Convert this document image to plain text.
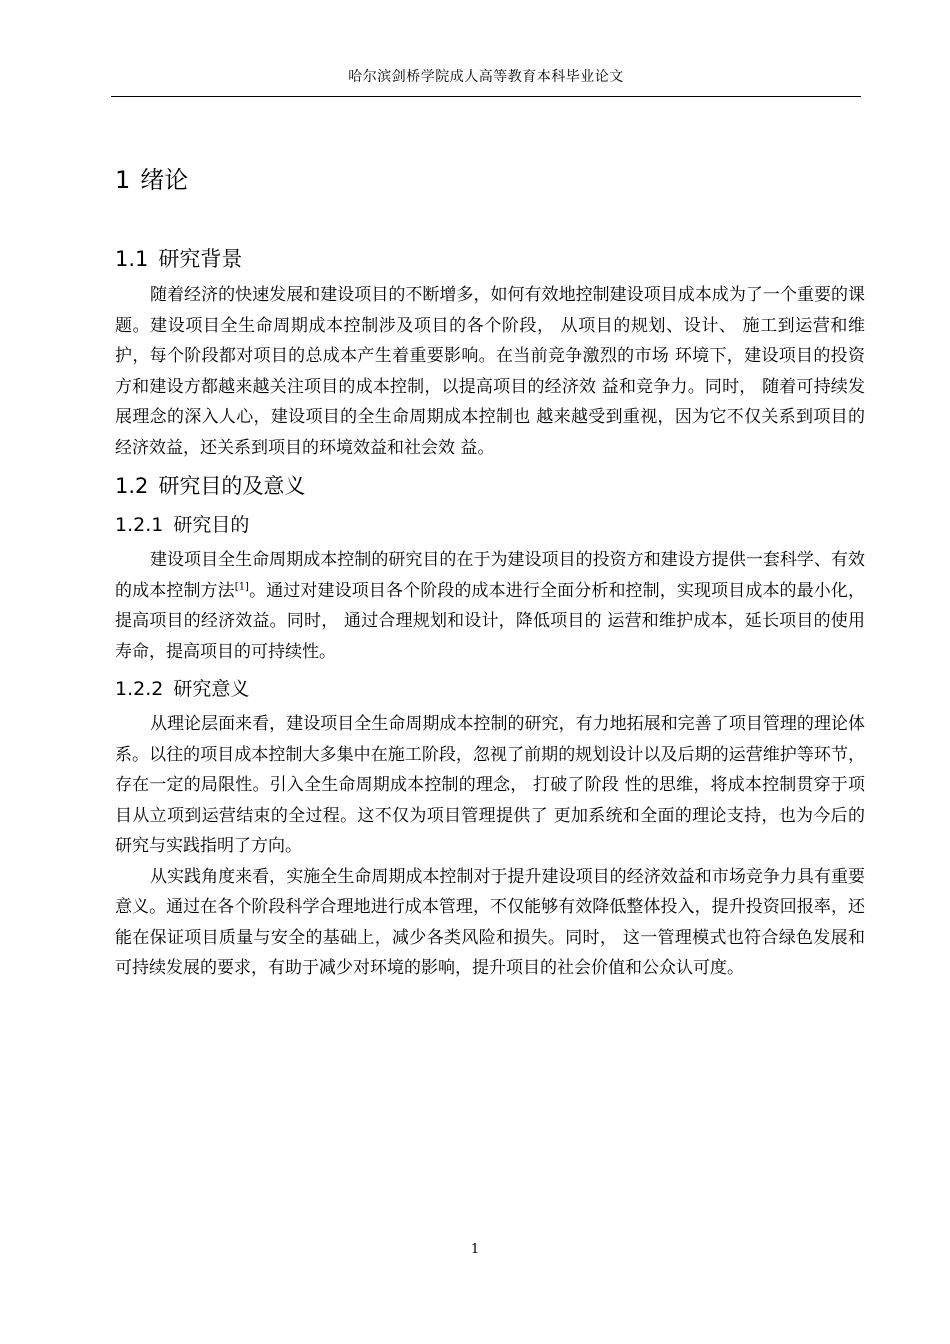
哈尔滨剑桥学院成人高等教育本科毕业论文
1 绪论
1.1 研究背景

随着经济的快速发展和建设项目的不断增多，如何有效地控制建设项目成本成为了一个重要的课题。建设项目全生命周期成本控制涉及项目的各个阶段， 从项目的规划、设计、 施工到运营和维护，每个阶段都对项目的总成本产生着重要影响。在当前竞争激烈的市场 环境下，建设项目的投资方和建设方都越来越关注项目的成本控制，以提高项目的经济效 益和竞争力。同时， 随着可持续发展理念的深入人心，建设项目的全生命周期成本控制也 越来越受到重视，因为它不仅关系到项目的经济效益，还关系到项目的环境效益和社会效 益。

1.2 研究目的及意义
1.2.1 研究目的

建设项目全生命周期成本控制的研究目的在于为建设项目的投资方和建设方提供一套科学、有效的成本控制方法[1]。通过对建设项目各个阶段的成本进行全面分析和控制，实现项目成本的最小化，提高项目的经济效益。同时， 通过合理规划和设计，降低项目的 运营和维护成本，延长项目的使用寿命，提高项目的可持续性。

1.2.2 研究意义

从理论层面来看，建设项目全生命周期成本控制的研究，有力地拓展和完善了项目管理的理论体系。以往的项目成本控制大多集中在施工阶段，忽视了前期的规划设计以及后期的运营维护等环节，存在一定的局限性。引入全生命周期成本控制的理念， 打破了阶段 性的思维，将成本控制贯穿于项目从立项到运营结束的全过程。这不仅为项目管理提供了 更加系统和全面的理论支持，也为今后的研究与实践指明了方向。

从实践角度来看，实施全生命周期成本控制对于提升建设项目的经济效益和市场竞争力具有重要意义。通过在各个阶段科学合理地进行成本管理，不仅能够有效降低整体投入，提升投资回报率，还能在保证项目质量与安全的基础上，减少各类风险和损失。同时， 这一管理模式也符合绿色发展和可持续发展的要求，有助于减少对环境的影响，提升项目的社会价值和公众认可度。

1
